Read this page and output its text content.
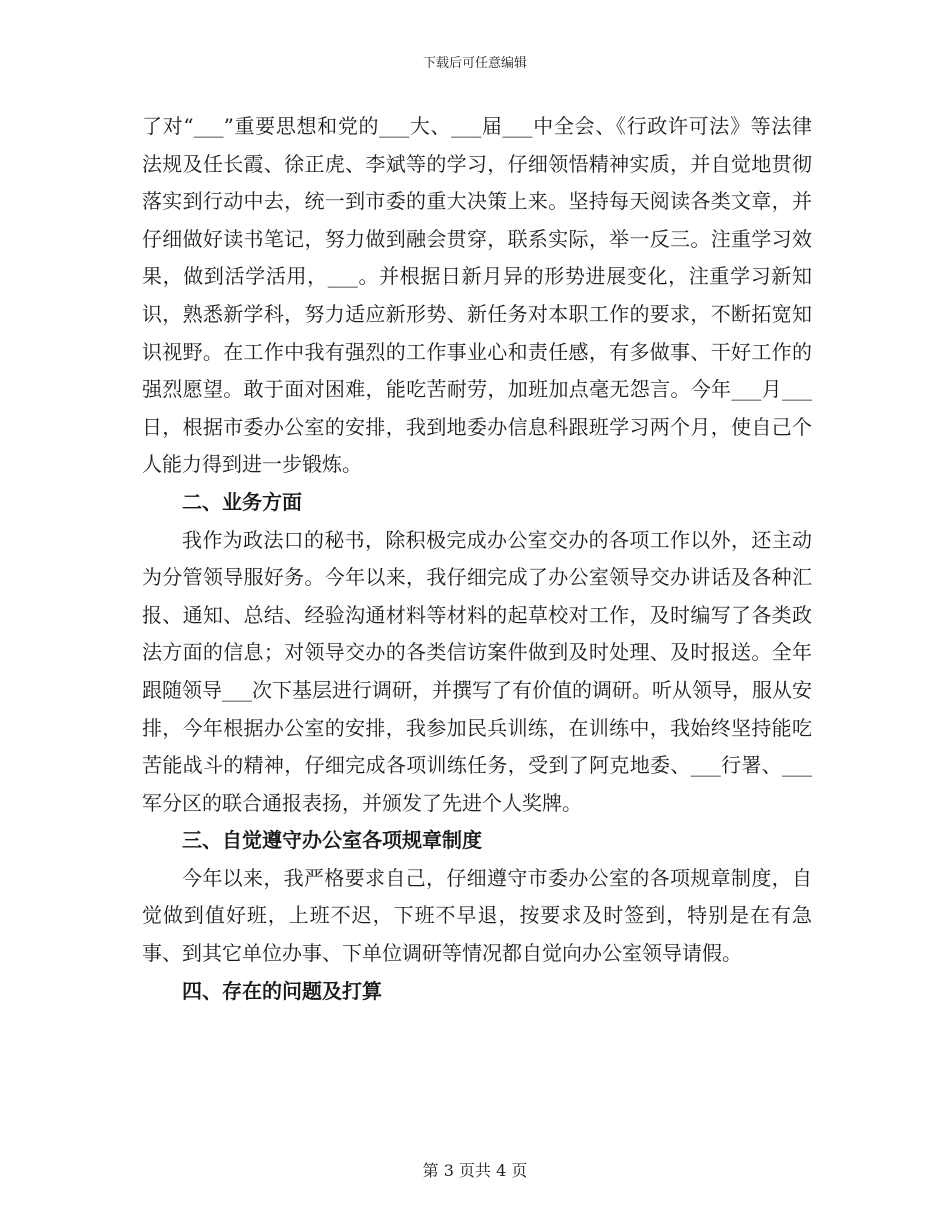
下载后可任意编辑

了对“___”重要思想和党的___大、___届___中全会、《行政许可法》等法律法规及任长霞、徐正虎、李斌等的学习，仔细领悟精神实质，并自觉地贯彻落实到行动中去，统一到市委的重大决策上来。坚持每天阅读各类文章，并仔细做好读书笔记，努力做到融会贯穿，联系实际，举一反三。注重学习效果，做到活学活用，___。并根据日新月异的形势进展变化，注重学习新知识，熟悉新学科，努力适应新形势、新任务对本职工作的要求，不断拓宽知识视野。在工作中我有强烈的工作事业心和责任感，有多做事、干好工作的强烈愿望。敢于面对困难，能吃苦耐劳，加班加点毫无怨言。今年___月___日，根据市委办公室的安排，我到地委办信息科跟班学习两个月，使自己个人能力得到进一步锻炼。

二、业务方面

我作为政法口的秘书，除积极完成办公室交办的各项工作以外，还主动为分管领导服好务。今年以来，我仔细完成了办公室领导交办讲话及各种汇报、通知、总结、经验沟通材料等材料的起草校对工作，及时编写了各类政法方面的信息；对领导交办的各类信访案件做到及时处理、及时报送。全年跟随领导___次下基层进行调研，并撰写了有价值的调研。听从领导，服从安排，今年根据办公室的安排，我参加民兵训练，在训练中，我始终坚持能吃苦能战斗的精神，仔细完成各项训练任务，受到了阿克地委、___行署、___军分区的联合通报表扬，并颁发了先进个人奖牌。

三、自觉遵守办公室各项规章制度

今年以来，我严格要求自己，仔细遵守市委办公室的各项规章制度，自觉做到值好班，上班不迟，下班不早退，按要求及时签到，特别是在有急事、到其它单位办事、下单位调研等情况都自觉向办公室领导请假。

四、存在的问题及打算

第 3 页共 4 页
